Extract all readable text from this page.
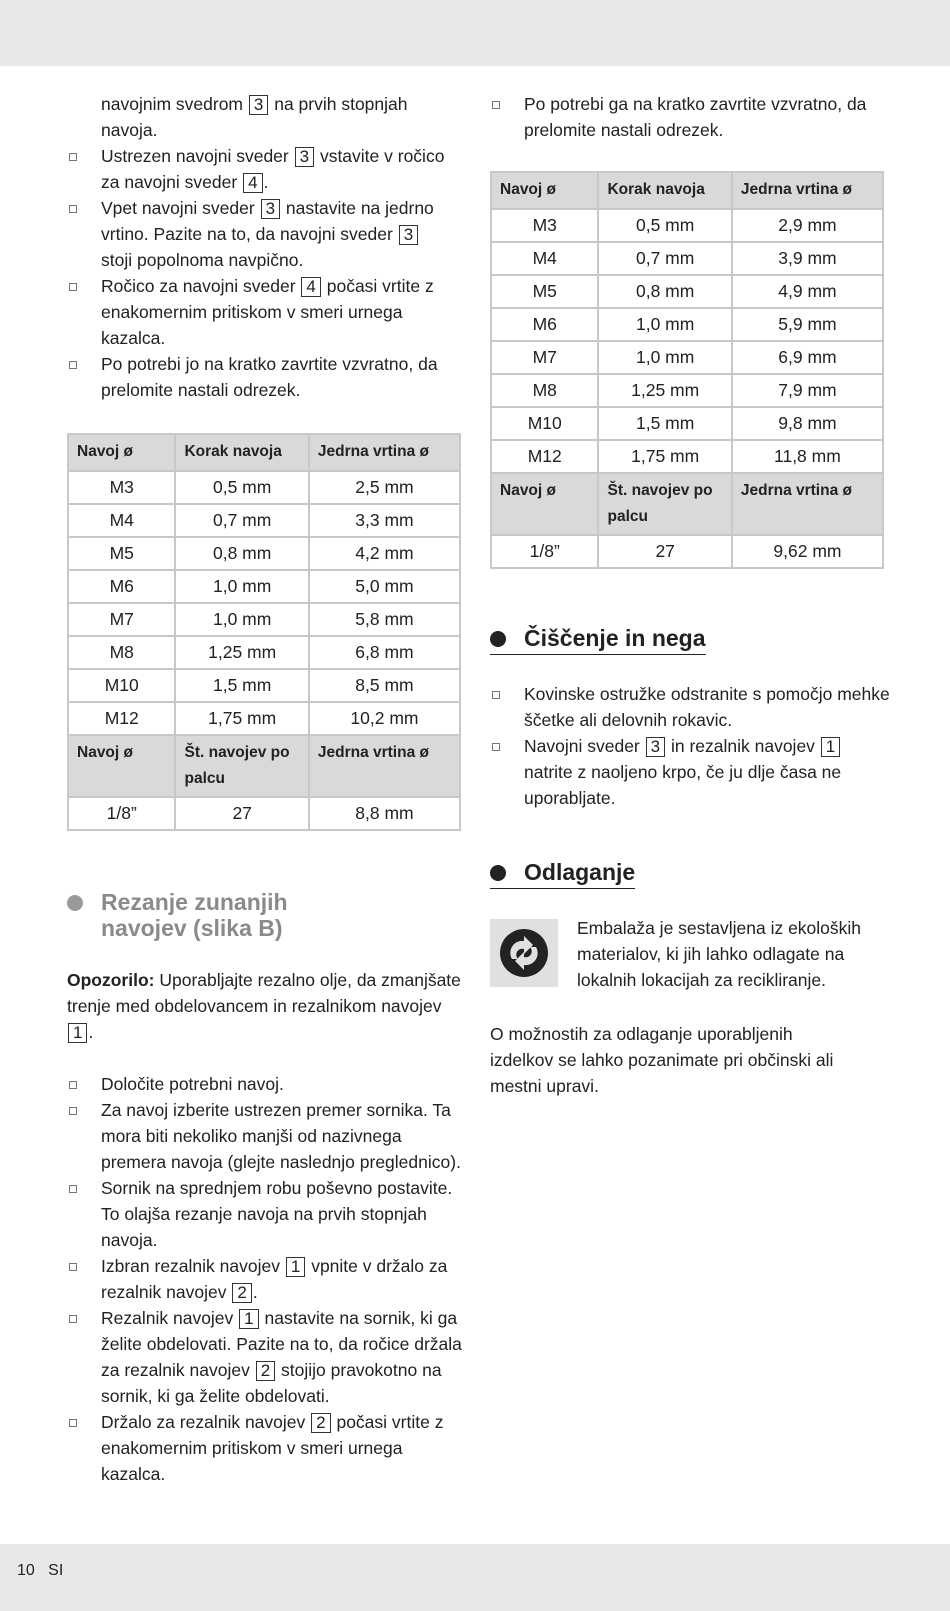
navojnim svedrom 3 na prvih stopnjah
navoja.

Ustrezen navojni sveder 3 vstavite v ročico
za navojni sveder 4 .

Vpet navojni sveder 3 nastavite na jedrno
vrtino. Pazite na to, da navojni sveder 3
stoji popolnoma navpično.

Ročico za navojni sveder 4 počasi vrtite z
enakomernim pritiskom v smeri urnega
kazalca.

Po potrebi jo na kratko zavrtite vzvratno, da prelomite nastali odrezek.

Navoj ø	Korak navoja	Jedrna vrtina ø
M3	0,5 mm	2,5 mm
M4	0,7 mm	3,3 mm
M5	0,8 mm	4,2 mm
M6	1,0 mm	5,0 mm
M7	1,0 mm	5,8 mm
M8	1,25 mm	6,8 mm
M10	1,5 mm	8,5 mm
M12	1,75 mm	10,2 mm
Navoj ø	Št. navojev po palcu	Jedrna vrtina ø
1/8”	27	8,8 mm
Rezanje zunanjih navojev (slika B)

Opozorilo: Uporabljajte rezalno olje, da zmanjšate trenje med obdelovancem in rezalnikom navojev 1 .

Določite potrebni navoj.

Za navoj izberite ustrezen premer sornika. Ta mora biti nekoliko manjši od nazivnega premera navoja (glejte naslednjo preglednico).

Sornik na sprednjem robu poševno postavite. To olajša rezanje navoja na prvih stopnjah navoja.

Izbran rezalnik navojev 1 vpnite v držalo za rezalnik navojev 2 .

Rezalnik navojev 1 nastavite na sornik, ki ga želite obdelovati. Pazite na to, da ročice držala za rezalnik navojev 2 stojijo pravokotno na sornik, ki ga želite obdelovati.

Držalo za rezalnik navojev 2 počasi vrtite z enakomernim pritiskom v smeri urnega kazalca.

Po potrebi ga na kratko zavrtite vzvratno, da prelomite nastali odrezek.

Navoj ø	Korak navoja	Jedrna vrtina ø
M3	0,5 mm	2,9 mm
M4	0,7 mm	3,9 mm
M5	0,8 mm	4,9 mm
M6	1,0 mm	5,9 mm
M7	1,0 mm	6,9 mm
M8	1,25 mm	7,9 mm
M10	1,5 mm	9,8 mm
M12	1,75 mm	11,8 mm
Navoj ø	Št. navojev po palcu	Jedrna vrtina ø
1/8”	27	9,62 mm
Čiščenje in nega

Kovinske ostružke odstranite s pomočjo mehke ščetke ali delovnih rokavic.

Navojni sveder 3 in rezalnik navojev 1 natrite z naoljeno krpo, če ju dlje časa ne uporabljate.

Odlaganje

Embalaža je sestavljena iz ekoloških materialov, ki jih lahko odlagate na lokalnih lokacijah za recikliranje.

O možnostih za odlaganje uporabljenih izdelkov se lahko pozanimate pri občinski ali mestni upravi.

10 SI
